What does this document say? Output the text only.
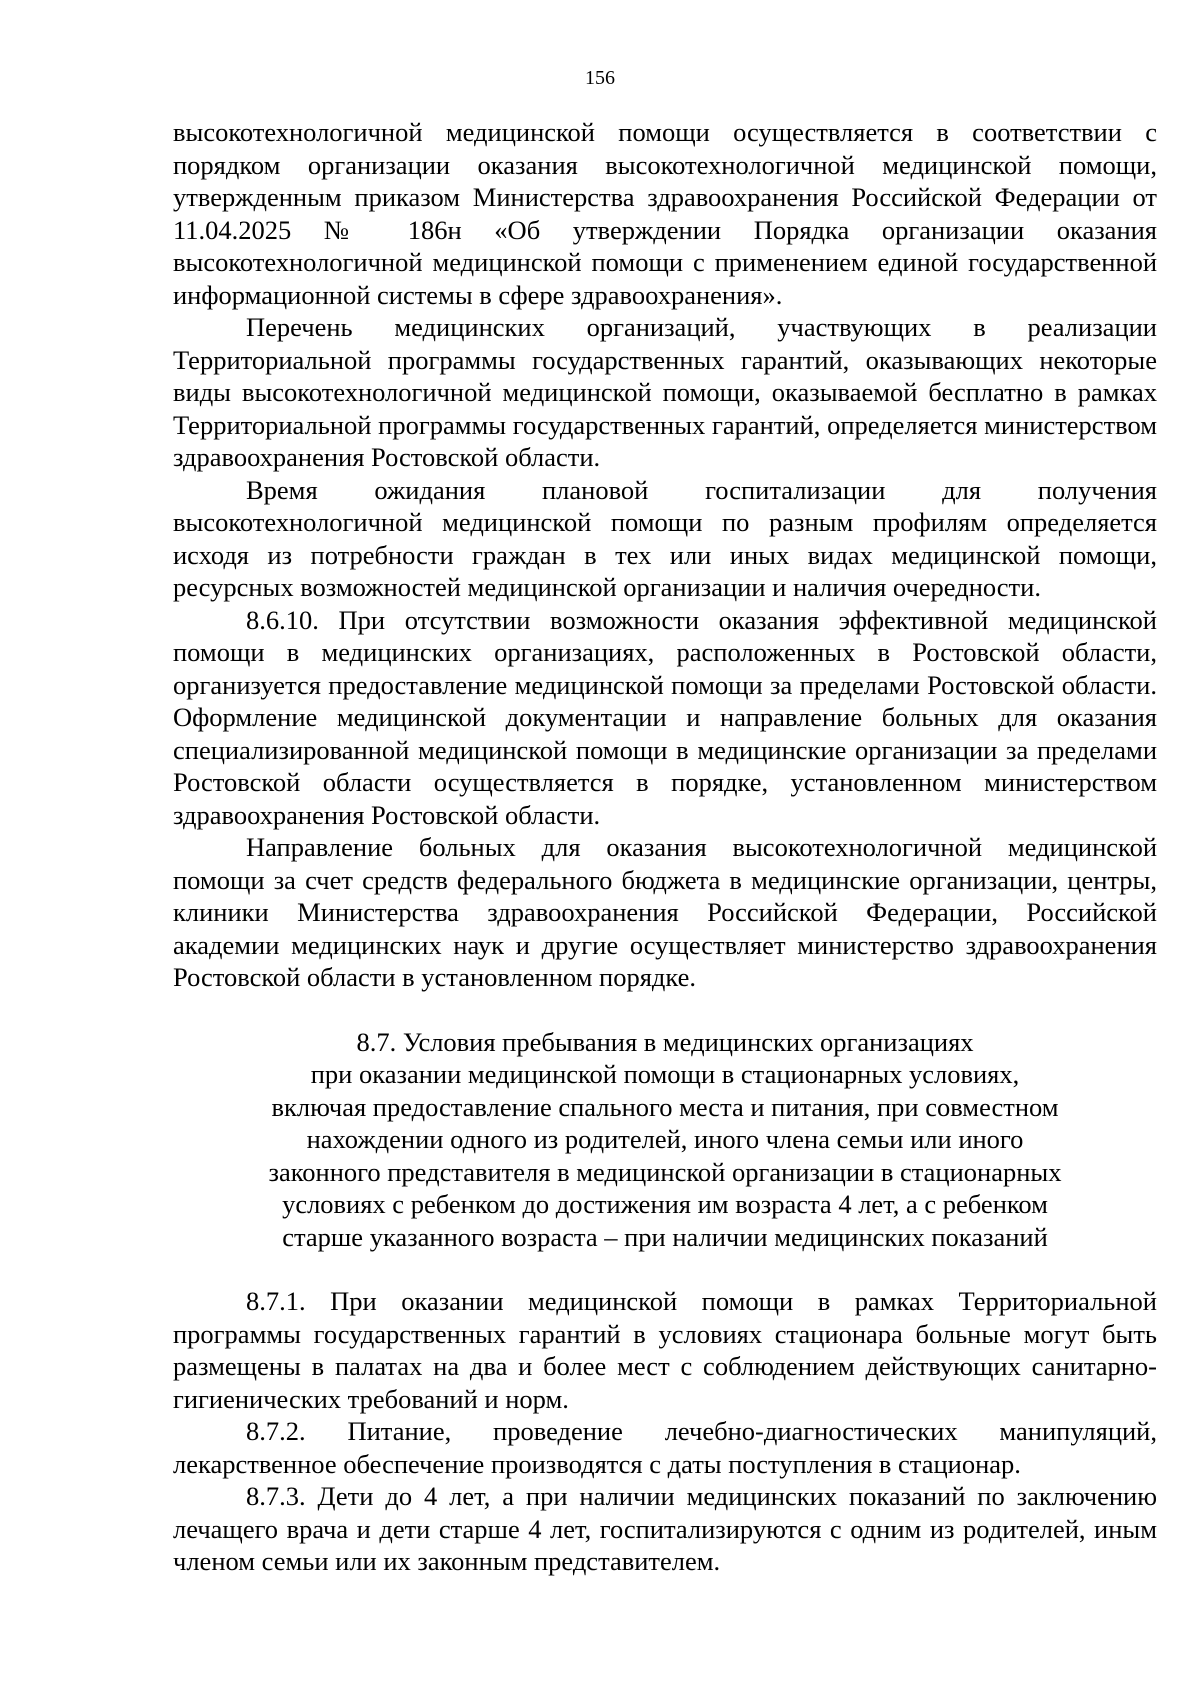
156

высокотехнологичной медицинской помощи осуществляется в соответствии с порядком организации оказания высокотехнологичной медицинской помощи, утвержденным приказом Министерства здравоохранения Российской Федерации от 11.04.2025 № 186н «Об утверждении Порядка организации оказания высокотехнологичной медицинской помощи с применением единой государственной информационной системы в сфере здравоохранения».

Перечень медицинских организаций, участвующих в реализации Территориальной программы государственных гарантий, оказывающих некоторые виды высокотехнологичной медицинской помощи, оказываемой бесплатно в рамках Территориальной программы государственных гарантий, определяется министерством здравоохранения Ростовской области.

Время ожидания плановой госпитализации для получения высокотехнологичной медицинской помощи по разным профилям определяется исходя из потребности граждан в тех или иных видах медицинской помощи, ресурсных возможностей медицинской организации и наличия очередности.

8.6.10. При отсутствии возможности оказания эффективной медицинской помощи в медицинских организациях, расположенных в Ростовской области, организуется предоставление медицинской помощи за пределами Ростовской области. Оформление медицинской документации и направление больных для оказания специализированной медицинской помощи в медицинские организации за пределами Ростовской области осуществляется в порядке, установленном министерством здравоохранения Ростовской области.

Направление больных для оказания высокотехнологичной медицинской помощи за счет средств федерального бюджета в медицинские организации, центры, клиники Министерства здравоохранения Российской Федерации, Российской академии медицинских наук и другие осуществляет министерство здравоохранения Ростовской области в установленном порядке.

8.7. Условия пребывания в медицинских организациях
при оказании медицинской помощи в стационарных условиях,
включая предоставление спального места и питания, при совместном
нахождении одного из родителей, иного члена семьи или иного
законного представителя в медицинской организации в стационарных
условиях с ребенком до достижения им возраста 4 лет, а с ребенком
старше указанного возраста – при наличии медицинских показаний

8.7.1. При оказании медицинской помощи в рамках Территориальной программы государственных гарантий в условиях стационара больные могут быть размещены в палатах на два и более мест с соблюдением действующих санитарно-гигиенических требований и норм.

8.7.2. Питание, проведение лечебно-диагностических манипуляций, лекарственное обеспечение производятся с даты поступления в стационар.

8.7.3. Дети до 4 лет, а при наличии медицинских показаний по заключению лечащего врача и дети старше 4 лет, госпитализируются с одним из родителей, иным членом семьи или их законным представителем.
